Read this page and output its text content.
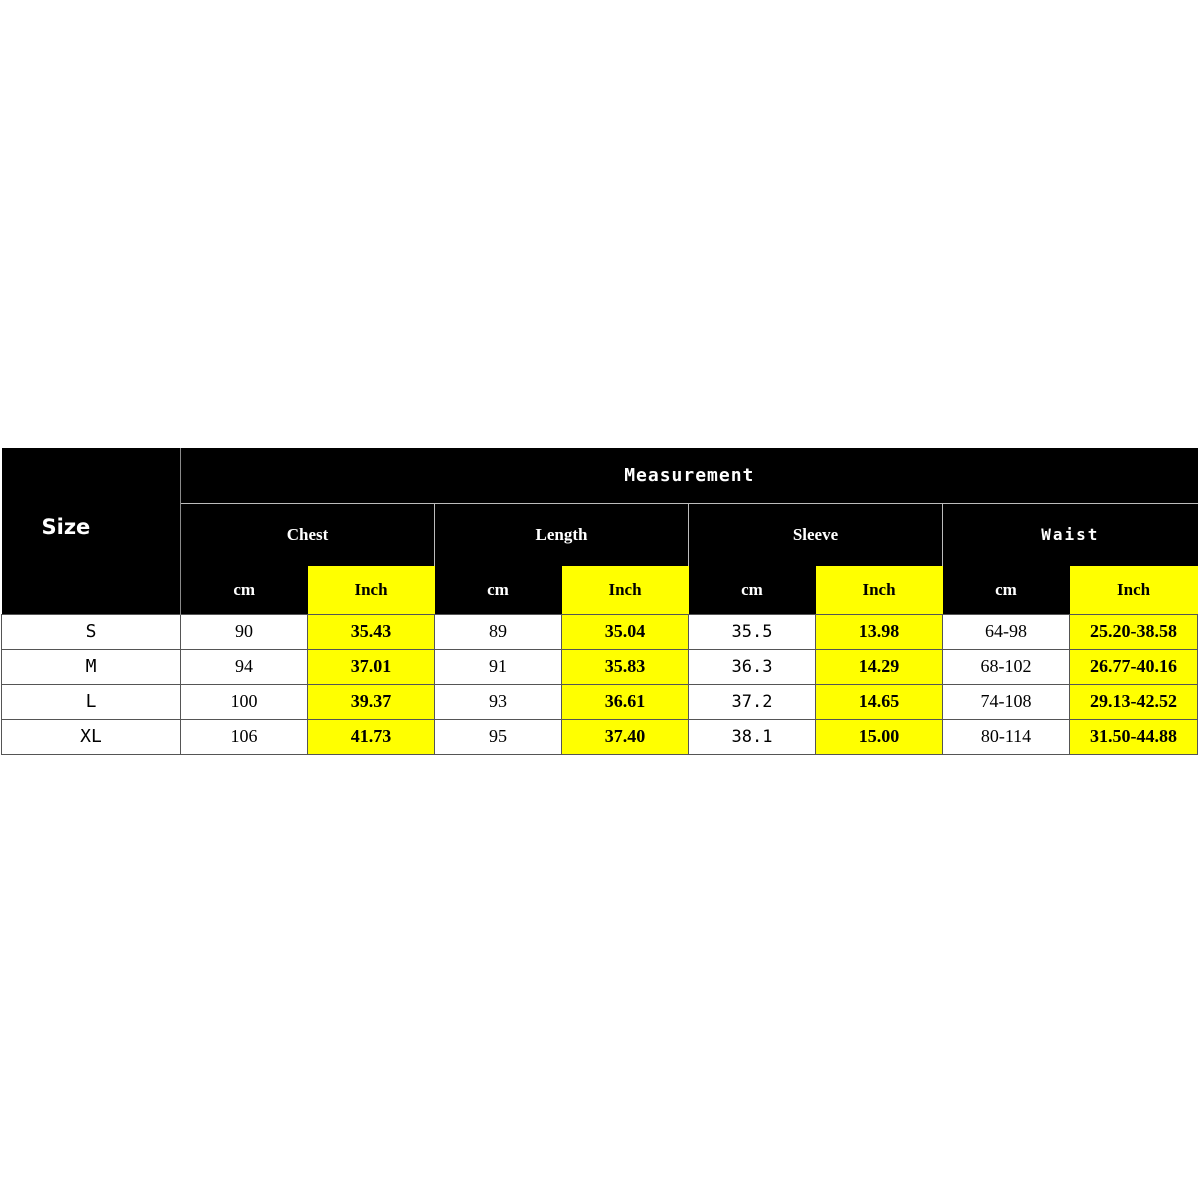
Size	Measurement							
	Chest		Length		Sleeve		Waist	
	cm	Inch	cm	Inch	cm	Inch	cm	Inch
S	90	35.43	89	35.04	35.5	13.98	64-98	25.20-38.58
M	94	37.01	91	35.83	36.3	14.29	68-102	26.77-40.16
L	100	39.37	93	36.61	37.2	14.65	74-108	29.13-42.52
XL	106	41.73	95	37.40	38.1	15.00	80-114	31.50-44.88
